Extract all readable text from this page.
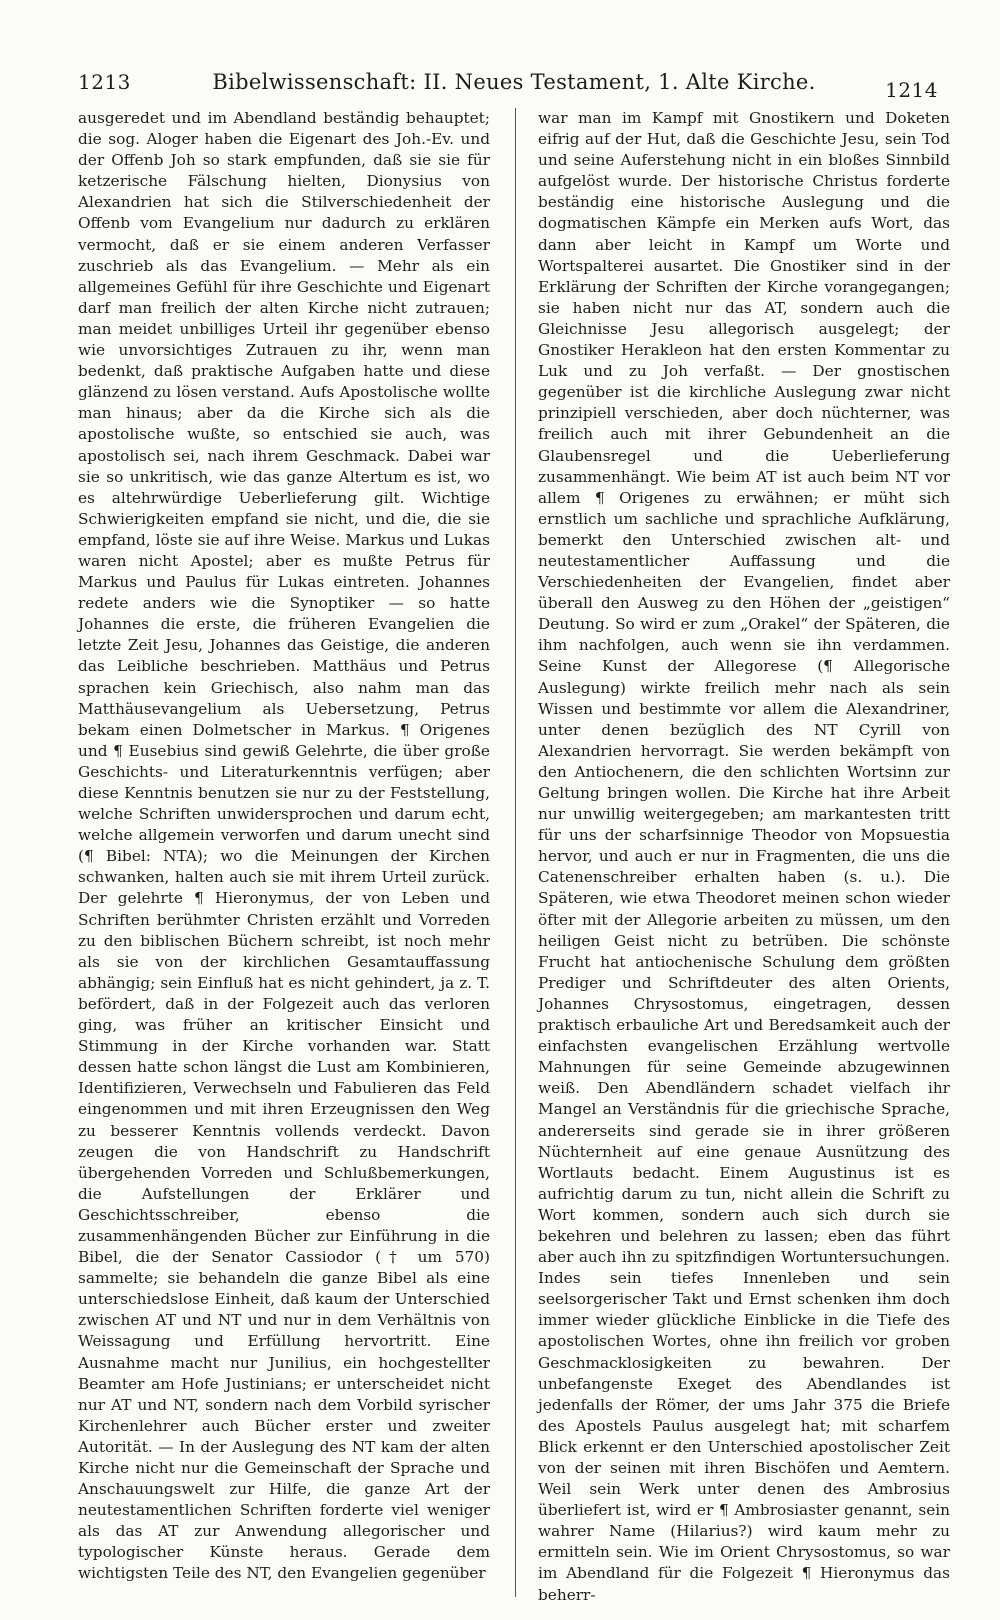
1213	Bibelwissenschaft: II. Neues Testament, 1. Alte Kirche.	1214

ausgeredet und im Abendland beständig behauptet; die sog. Aloger haben die Eigenart des Joh.-Ev. und der Offenb Joh so stark empfunden, daß sie sie für ketzerische Fälschung hielten, Dionysius von Alexandrien hat sich die Stilverschiedenheit der Offenb vom Evangelium nur dadurch zu erklären vermocht, daß er sie einem anderen Verfasser zuschrieb als das Evangelium. — Mehr als ein allgemeines Gefühl für ihre Geschichte und Eigenart darf man freilich der alten Kirche nicht zutrauen; man meidet unbilliges Urteil ihr gegenüber ebenso wie unvorsichtiges Zutrauen zu ihr, wenn man bedenkt, daß praktische Aufgaben hatte und diese glänzend zu lösen verstand. Aufs Apostolische wollte man hinaus; aber da die Kirche sich als die apostolische wußte, so entschied sie auch, was apostolisch sei, nach ihrem Geschmack. Dabei war sie so unkritisch, wie das ganze Altertum es ist, wo es altehrwürdige Ueberlieferung gilt. Wichtige Schwierigkeiten empfand sie nicht, und die, die sie empfand, löste sie auf ihre Weise. Markus und Lukas waren nicht Apostel; aber es mußte Petrus für Markus und Paulus für Lukas eintreten. Johannes redete anders wie die Synoptiker — so hatte Johannes die erste, die früheren Evangelien die letzte Zeit Jesu, Johannes das Geistige, die anderen das Leibliche beschrieben. Matthäus und Petrus sprachen kein Griechisch, also nahm man das Matthäusevangelium als Uebersetzung, Petrus bekam einen Dolmetscher in Markus. ¶ Origenes und ¶ Eusebius sind gewiß Gelehrte, die über große Geschichts- und Literaturkenntnis verfügen; aber diese Kenntnis benutzen sie nur zu der Feststellung, welche Schriften unwidersprochen und darum echt, welche allgemein verworfen und darum unecht sind (¶ Bibel: NTA); wo die Meinungen der Kirchen schwanken, halten auch sie mit ihrem Urteil zurück. Der gelehrte ¶ Hieronymus, der von Leben und Schriften berühmter Christen erzählt und Vorreden zu den biblischen Büchern schreibt, ist noch mehr als sie von der kirchlichen Gesamtauffassung abhängig; sein Einfluß hat es nicht gehindert, ja z. T. befördert, daß in der Folgezeit auch das verloren ging, was früher an kritischer Einsicht und Stimmung in der Kirche vorhanden war. Statt dessen hatte schon längst die Lust am Kombinieren, Identifizieren, Verwechseln und Fabulieren das Feld eingenommen und mit ihren Erzeugnissen den Weg zu besserer Kenntnis vollends verdeckt. Davon zeugen die von Handschrift zu Handschrift übergehenden Vorreden und Schlußbemerkungen, die Aufstellungen der Erklärer und Geschichtsschreiber, ebenso die zusammenhängenden Bücher zur Einführung in die Bibel, die der Senator Cassiodor († um 570) sammelte; sie behandeln die ganze Bibel als eine unterschiedslose Einheit, daß kaum der Unterschied zwischen AT und NT und nur in dem Verhältnis von Weissagung und Erfüllung hervortritt. Eine Ausnahme macht nur Junilius, ein hochgestellter Beamter am Hofe Justinians; er unterscheidet nicht nur AT und NT, sondern nach dem Vorbild syrischer Kirchenlehrer auch Bücher erster und zweiter Autorität. — In der Auslegung des NT kam der alten Kirche nicht nur die Gemeinschaft der Sprache und Anschauungswelt zur Hilfe, die ganze Art der neutestamentlichen Schriften forderte viel weniger als das AT zur Anwendung allegorischer und typologischer Künste heraus. Gerade dem wichtigsten Teile des NT, den Evangelien gegenüber

war man im Kampf mit Gnostikern und Doketen eifrig auf der Hut, daß die Geschichte Jesu, sein Tod und seine Auferstehung nicht in ein bloßes Sinnbild aufgelöst wurde. Der historische Christus forderte beständig eine historische Auslegung und die dogmatischen Kämpfe ein Merken aufs Wort, das dann aber leicht in Kampf um Worte und Wortspalterei ausartet. Die Gnostiker sind in der Erklärung der Schriften der Kirche vorangegangen; sie haben nicht nur das AT, sondern auch die Gleichnisse Jesu allegorisch ausgelegt; der Gnostiker Herakleon hat den ersten Kommentar zu Luk und zu Joh verfaßt. — Der gnostischen gegenüber ist die kirchliche Auslegung zwar nicht prinzipiell verschieden, aber doch nüchterner, was freilich auch mit ihrer Gebundenheit an die Glaubensregel und die Ueberlieferung zusammenhängt. Wie beim AT ist auch beim NT vor allem ¶ Origenes zu erwähnen; er müht sich ernstlich um sachliche und sprachliche Aufklärung, bemerkt den Unterschied zwischen alt- und neutestamentlicher Auffassung und die Verschiedenheiten der Evangelien, findet aber überall den Ausweg zu den Höhen der „geistigen“ Deutung. So wird er zum „Orakel“ der Späteren, die ihm nachfolgen, auch wenn sie ihn verdammen. Seine Kunst der Allegorese (¶ Allegorische Auslegung) wirkte freilich mehr nach als sein Wissen und bestimmte vor allem die Alexandriner, unter denen bezüglich des NT Cyrill von Alexandrien hervorragt. Sie werden bekämpft von den Antiochenern, die den schlichten Wortsinn zur Geltung bringen wollen. Die Kirche hat ihre Arbeit nur unwillig weitergegeben; am markantesten tritt für uns der scharfsinnige Theodor von Mopsuestia hervor, und auch er nur in Fragmenten, die uns die Catenenschreiber erhalten haben (s. u.). Die Späteren, wie etwa Theodoret meinen schon wieder öfter mit der Allegorie arbeiten zu müssen, um den heiligen Geist nicht zu betrüben. Die schönste Frucht hat antiochenische Schulung dem größten Prediger und Schriftdeuter des alten Orients, Johannes Chrysostomus, eingetragen, dessen praktisch erbauliche Art und Beredsamkeit auch der einfachsten evangelischen Erzählung wertvolle Mahnungen für seine Gemeinde abzugewinnen weiß. Den Abendländern schadet vielfach ihr Mangel an Verständnis für die griechische Sprache, andererseits sind gerade sie in ihrer größeren Nüchternheit auf eine genaue Ausnützung des Wortlauts bedacht. Einem Augustinus ist es aufrichtig darum zu tun, nicht allein die Schrift zu Wort kommen, sondern auch sich durch sie bekehren und belehren zu lassen; eben das führt aber auch ihn zu spitzfindigen Wortuntersuchungen. Indes sein tiefes Innenleben und sein seelsorgerischer Takt und Ernst schenken ihm doch immer wieder glückliche Einblicke in die Tiefe des apostolischen Wortes, ohne ihn freilich vor groben Geschmacklosigkeiten zu bewahren. Der unbefangenste Exeget des Abendlandes ist jedenfalls der Römer, der ums Jahr 375 die Briefe des Apostels Paulus ausgelegt hat; mit scharfem Blick erkennt er den Unterschied apostolischer Zeit von der seinen mit ihren Bischöfen und Aemtern. Weil sein Werk unter denen des Ambrosius überliefert ist, wird er ¶ Ambrosiaster genannt, sein wahrer Name (Hilarius?) wird kaum mehr zu ermitteln sein. Wie im Orient Chrysostomus, so war im Abendland für die Folgezeit ¶ Hieronymus das beherr-
